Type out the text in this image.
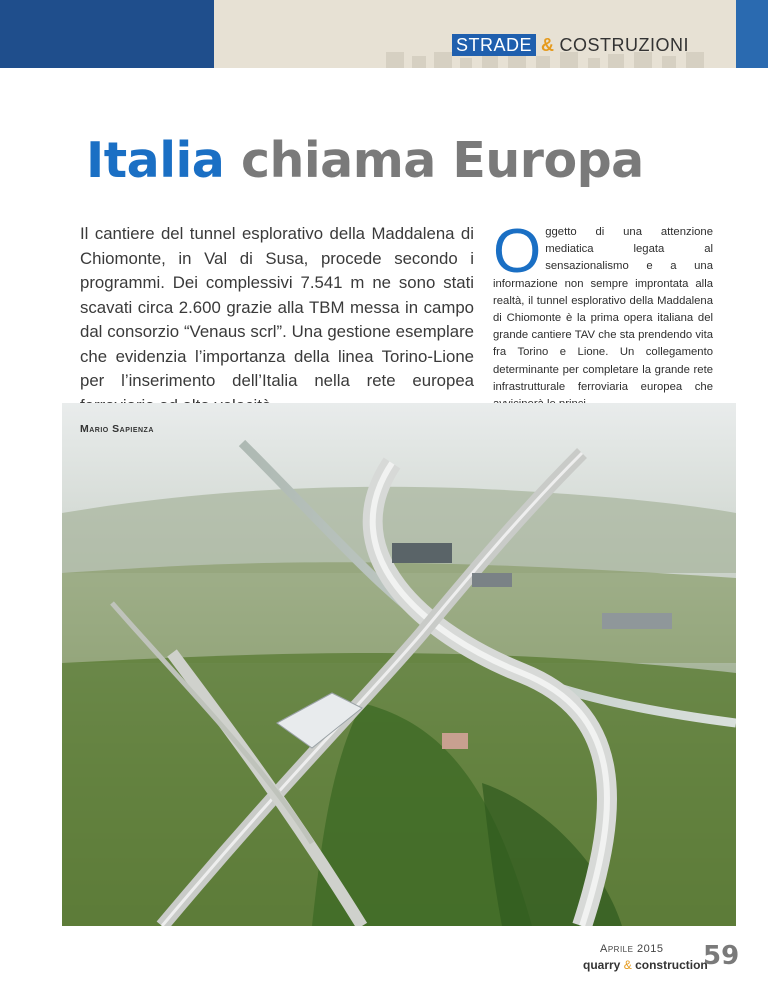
STRADE & COSTRUZIONI
Italia chiama Europa

Il cantiere del tunnel esplorativo della Maddalena di Chiomonte, in Val di Susa, procede secondo i programmi. Dei complessivi 7.541 m ne sono stati scavati circa 2.600 grazie alla TBM messa in campo dal consorzio “Venaus scrl”. Una gestione esemplare che evidenzia l’importanza della linea Torino-Lione per l’inserimento dell’Italia nella rete europea

Oggetto di una attenzione mediatica legata al sensazionalismo e a una informazione non sempre improntata alla realtà, il tunnel esplorativo della Maddalena di Chiomonte è la prima opera italiana del grande cantiere TAV che sta prendendo vita fra Torino e Lione. Un collegamento determinante per completare la grande rete infrastrutturale ferroviaria europea che

Mario Sapienza

Aprile 2015
quarry & construction
59
